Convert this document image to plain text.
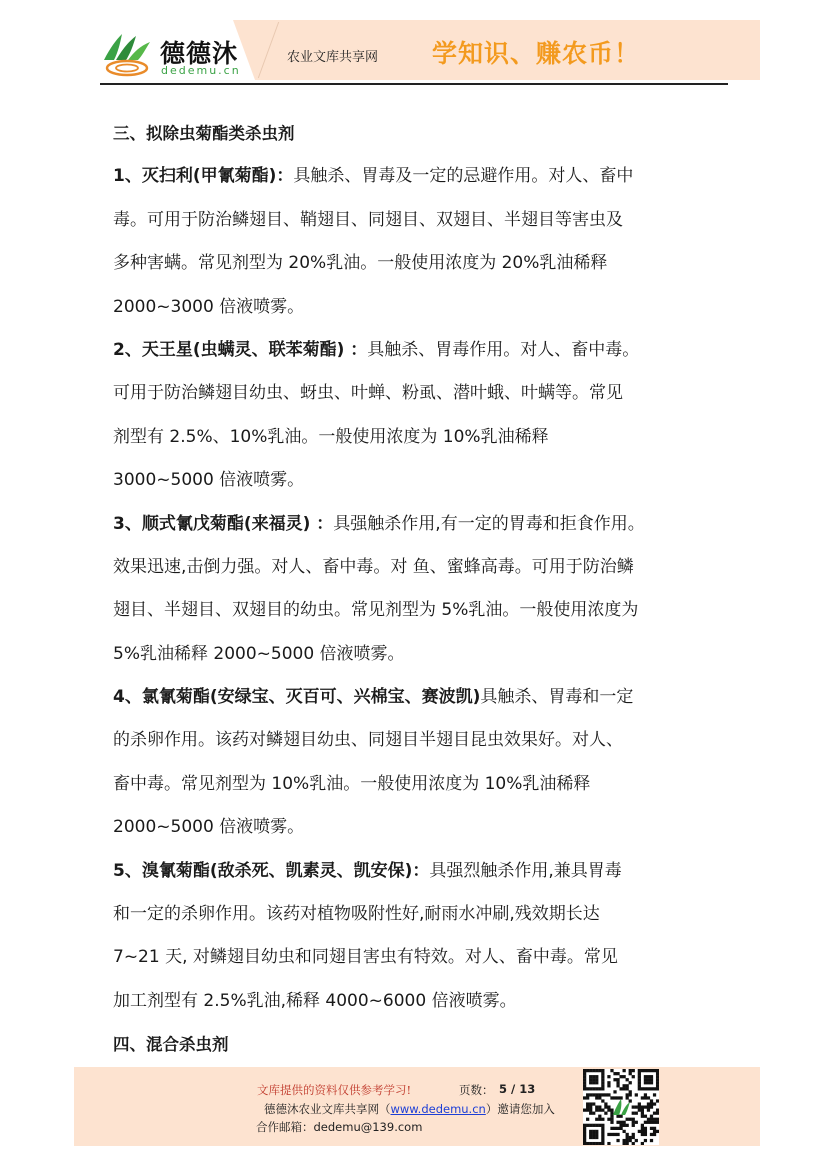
德德沐
dedemu.cn
农业文库共享网 学知识、赚农币！
三、拟除虫菊酯类杀虫剂
1、灭扫利(甲氰菊酯)：具触杀、胃毒及一定的忌避作用。对人、畜中
毒。可用于防治鳞翅目、鞘翅目、同翅目、双翅目、半翅目等害虫及
多种害螨。常见剂型为 20%乳油。一般使用浓度为 20%乳油稀释
2000~3000 倍液喷雾。
2、天王星(虫螨灵、联苯菊酯) ：具触杀、胃毒作用。对人、畜中毒。
可用于防治鳞翅目幼虫、蚜虫、叶蝉、粉虱、潜叶蛾、叶螨等。常见
剂型有 2.5%、10%乳油。一般使用浓度为 10%乳油稀释
3000~5000 倍液喷雾。
3、顺式氰戊菊酯(来福灵) ：具强触杀作用,有一定的胃毒和拒食作用。
效果迅速,击倒力强。对人、畜中毒。对 鱼、蜜蜂高毒。可用于防治鳞
翅目、半翅目、双翅目的幼虫。常见剂型为 5%乳油。一般使用浓度为
5%乳油稀释 2000~5000 倍液喷雾。
4、氯氰菊酯(安绿宝、灭百可、兴棉宝、赛波凯)具触杀、胃毒和一定
的杀卵作用。该药对鳞翅目幼虫、同翅目半翅目昆虫效果好。对人、
畜中毒。常见剂型为 10%乳油。一般使用浓度为 10%乳油稀释
2000~5000 倍液喷雾。
5、溴氰菊酯(敌杀死、凯素灵、凯安保)：具强烈触杀作用,兼具胃毒
和一定的杀卵作用。该药对植物吸附性好,耐雨水冲刷,残效期长达
7~21 天, 对鳞翅目幼虫和同翅目害虫有特效。对人、畜中毒。常见
加工剂型有 2.5%乳油,稀释 4000~6000 倍液喷雾。
四、混合杀虫剂
文库提供的资料仅供参考学习!	页数： 5 / 13
德德沐农业文库共享网（www.dedemu.cn）邀请您加入
合作邮箱：dedemu@139.com
